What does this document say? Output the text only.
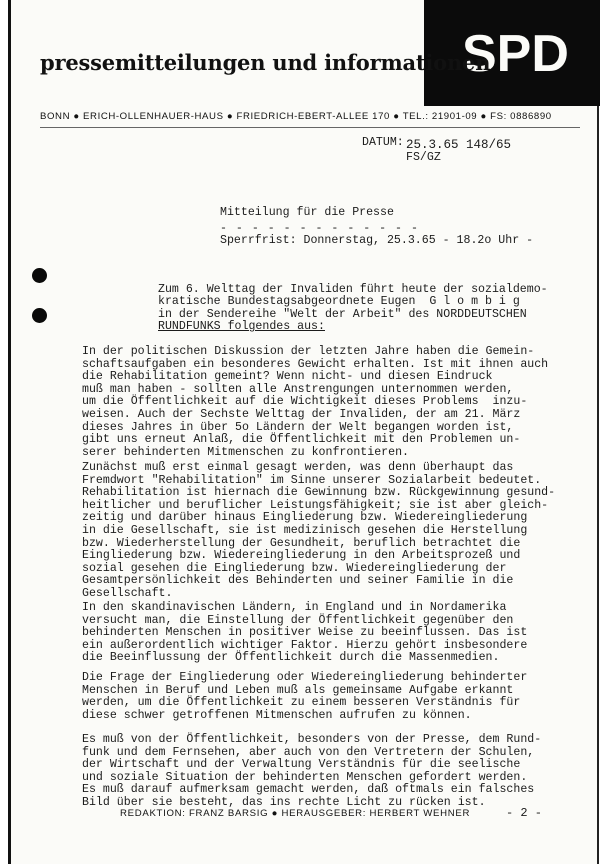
SPD
pressemitteilungen und informationen
BONN ● ERICH-OLLENHAUER-HAUS ● FRIEDRICH-EBERT-ALLEE 170 ● TEL.: 21901-09 ● FS: 0886890
DATUM: 25.3.65 148/65
FS/GZ
Mitteilung für die Presse
- - - - - - - - - - - - -
Sperrfrist: Donnerstag, 25.3.65 - 18.2o Uhr -
Zum 6. Welttag der Invaliden führt heute der sozialdemo-
kratische Bundestagsabgeordnete Eugen  G l o m b i g
in der Sendereihe "Welt der Arbeit" des NORDDEUTSCHEN
RUNDFUNKS folgendes aus:
In der politischen Diskussion der letzten Jahre haben die Gemein-
schaftsaufgaben ein besonderes Gewicht erhalten. Ist mit ihnen auch
die Rehabilitation gemeint? Wenn nicht- und diesen Eindruck
muß man haben - sollten alle Anstrengungen unternommen werden,
um die Öffentlichkeit auf die Wichtigkeit dieses Problems  inzu-
weisen. Auch der Sechste Welttag der Invaliden, der am 21. März
dieses Jahres in über 5o Ländern der Welt begangen worden ist,
gibt uns erneut Anlaß, die Öffentlichkeit mit den Problemen un-
serer behinderten Mitmenschen zu konfrontieren.
Zunächst muß erst einmal gesagt werden, was denn überhaupt das
Fremdwort "Rehabilitation" im Sinne unserer Sozialarbeit bedeutet.
Rehabilitation ist hiernach die Gewinnung bzw. Rückgewinnung gesund-
heitlicher und beruflicher Leistungsfähigkeit; sie ist aber gleich-
zeitig und darüber hinaus Eingliederung bzw. Wiedereingliederung
in die Gesellschaft, sie ist medizinisch gesehen die Herstellung
bzw. Wiederherstellung der Gesundheit, beruflich betrachtet die
Eingliederung bzw. Wiedereingliederung in den Arbeitsprozeß und
sozial gesehen die Eingliederung bzw. Wiedereingliederung der
Gesamtpersönlichkeit des Behinderten und seiner Familie in die
Gesellschaft.
In den skandinavischen Ländern, in England und in Nordamerika
versucht man, die Einstellung der Öffentlichkeit gegenüber den
behinderten Menschen in positiver Weise zu beeinflussen. Das ist
ein außerordentlich wichtiger Faktor. Hierzu gehört insbesondere
die Beeinflussung der Öffentlichkeit durch die Massenmedien.
Die Frage der Eingliederung oder Wiedereingliederung behinderter
Menschen in Beruf und Leben muß als gemeinsame Aufgabe erkannt
werden, um die Öffentlichkeit zu einem besseren Verständnis für
diese schwer getroffenen Mitmenschen aufrufen zu können.
Es muß von der Öffentlichkeit, besonders von der Presse, dem Rund-
funk und dem Fernsehen, aber auch von den Vertretern der Schulen,
der Wirtschaft und der Verwaltung Verständnis für die seelische
und soziale Situation der behinderten Menschen gefordert werden.
Es muß darauf aufmerksam gemacht werden, daß oftmals ein falsches
Bild über sie besteht, das ins rechte Licht zu rücken ist.
REDAKTION: FRANZ BARSIG ● HERAUSGEBER: HERBERT WEHNER	- 2 -
